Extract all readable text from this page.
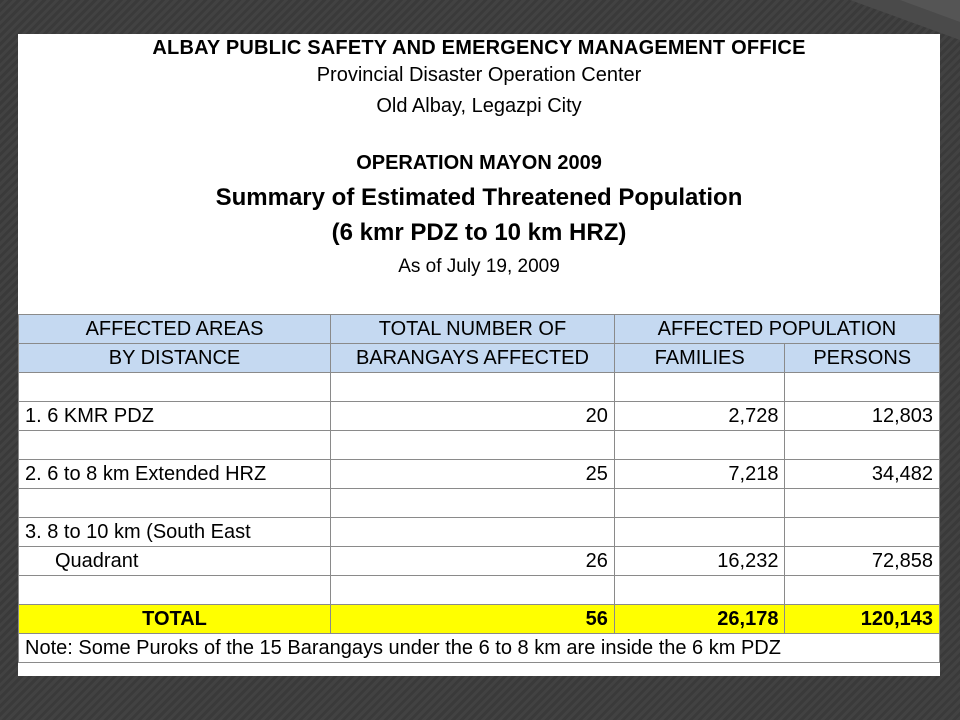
ALBAY PUBLIC SAFETY AND EMERGENCY MANAGEMENT OFFICE
Provincial Disaster Operation Center
Old Albay, Legazpi City
OPERATION MAYON 2009
Summary of Estimated Threatened Population
(6 kmr PDZ to 10 km HRZ)
As of July 19, 2009
AFFECTED AREAS	TOTAL NUMBER OF	AFFECTED POPULATION	
BY DISTANCE	BARANGAYS AFFECTED	FAMILIES	PERSONS

1. 6 KMR PDZ	20	2,728	12,803

2. 6 to 8 km Extended HRZ	25	7,218	34,482

3. 8 to 10 km (South East			
Quadrant	26	16,232	72,858

TOTAL	56	26,178	120,143
Note: Some Puroks of the 15 Barangays under the 6 to 8 km are inside the 6 km PDZ			
